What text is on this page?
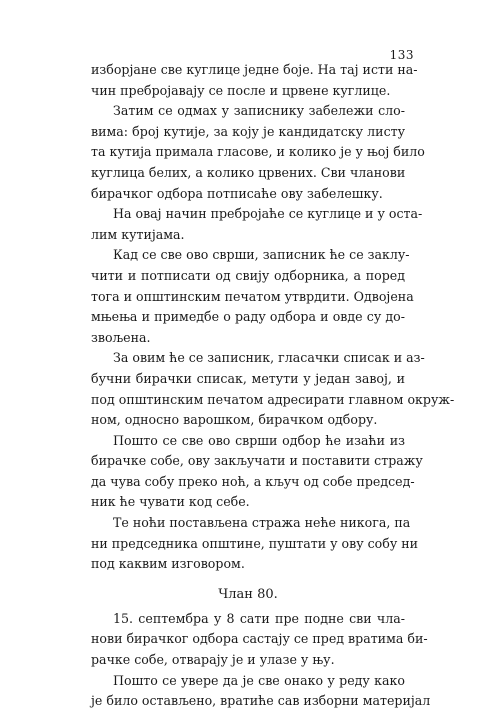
133
изборјане све куглице једне боје. На тај исти на-
чин пребројавају се после и црвене куглице.
Затим се одмах у записнику забележи сло-
вима: број кутије, за коју је кандидатску листу
та кутија примала гласове, и колико је у њој било
куглица белих, а колико црвених. Сви чланови
бирачког одбора потписаће ову забелешку.
На овај начин пребројаће се куглице и у оста-
лим кутијама.
Кад се све ово сврши, записник ће се заклу-
чити и потписати од свију одборника, а поред
тога и општинским печатом утврдити. Одвојена
мњења и примедбе о раду одбора и овде су до-
звољена.
За овим ће се записник, гласачки списак и аз-
бучни бирачки списак, метути у један завој, и
под општинским печатом адресирати главном окруж-
ном, односно варошком, бирачком одбору.
Пошто се све ово сврши одбор ће изаћи из
бирачке собе, ову закључати и поставити стражу
да чува собу преко ноћ, а кључ од собе председ-
ник ће чувати код себе.
Те ноћи постављена стража неће никога, па
ни председника општине, пуштати у ову собу ни
под каквим изговором.
Члан 80.
15. септембра у 8 сати пре подне сви чла-
нови бирачког одбора састају се пред вратима би-
рачке собе, отварају је и улазе у њу.
Пошто се увере да је све онако у реду како
је било остављено, вратиће сав изборни материјал
